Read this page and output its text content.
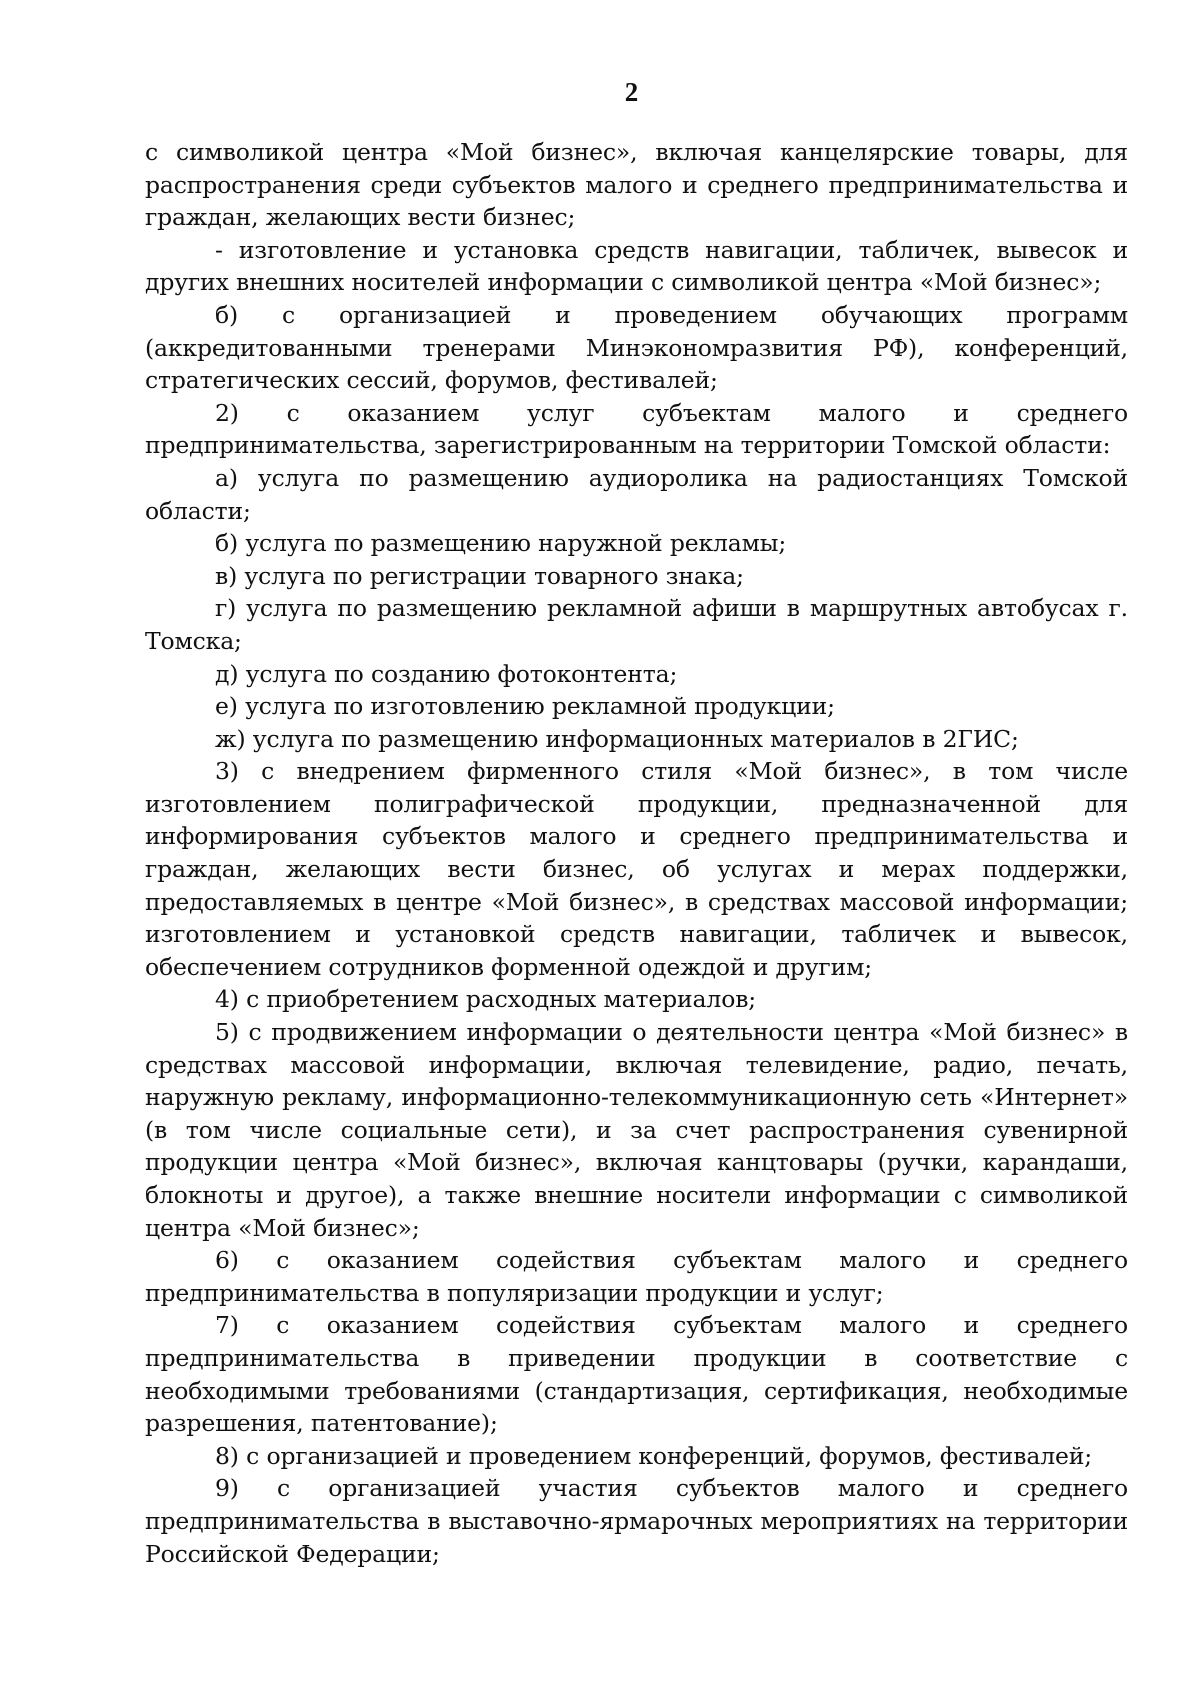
2

с символикой центра «Мой бизнес», включая канцелярские товары, для распространения среди субъектов малого и среднего предпринимательства и граждан, желающих вести бизнес;

- изготовление и установка средств навигации, табличек, вывесок и других внешних носителей информации с символикой центра «Мой бизнес»;

б) с организацией и проведением обучающих программ (аккредитованными тренерами Минэкономразвития РФ), конференций, стратегических сессий, форумов, фестивалей;

2) с оказанием услуг субъектам малого и среднего предпринимательства, зарегистрированным на территории Томской области:

а) услуга по размещению аудиоролика на радиостанциях Томской области;

б) услуга по размещению наружной рекламы;

в) услуга по регистрации товарного знака;

г) услуга по размещению рекламной афиши в маршрутных автобусах г. Томска;

д) услуга по созданию фотоконтента;

е) услуга по изготовлению рекламной продукции;

ж) услуга по размещению информационных материалов в 2ГИС;

3) с внедрением фирменного стиля «Мой бизнес», в том числе изготовлением полиграфической продукции, предназначенной для информирования субъектов малого и среднего предпринимательства и граждан, желающих вести бизнес, об услугах и мерах поддержки, предоставляемых в центре «Мой бизнес», в средствах массовой информации; изготовлением и установкой средств навигации, табличек и вывесок, обеспечением сотрудников форменной одеждой и другим;

4) с приобретением расходных материалов;

5) с продвижением информации о деятельности центра «Мой бизнес» в средствах массовой информации, включая телевидение, радио, печать, наружную рекламу, информационно-телекоммуникационную сеть «Интернет» (в том числе социальные сети), и за счет распространения сувенирной продукции центра «Мой бизнес», включая канцтовары (ручки, карандаши, блокноты и другое), а также внешние носители информации с символикой центра «Мой бизнес»;

6) с оказанием содействия субъектам малого и среднего предпринимательства в популяризации продукции и услуг;

7) с оказанием содействия субъектам малого и среднего предпринимательства в приведении продукции в соответствие с необходимыми требованиями (стандартизация, сертификация, необходимые разрешения, патентование);

8) с организацией и проведением конференций, форумов, фестивалей;

9) с организацией участия субъектов малого и среднего предпринимательства в выставочно-ярмарочных мероприятиях на территории Российской Федерации;
